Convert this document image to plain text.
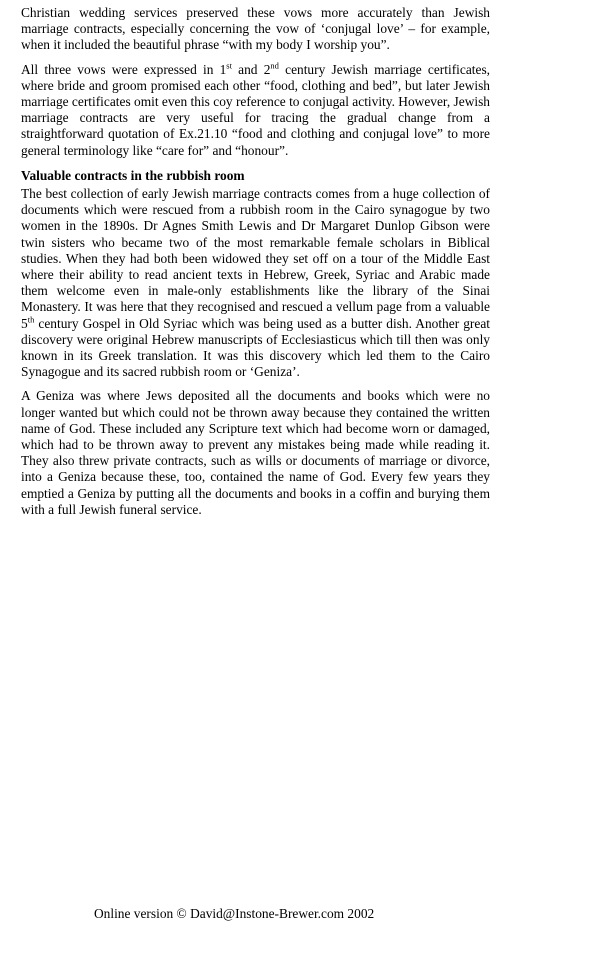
Christian wedding services preserved these vows more accurately than Jewish marriage contracts, especially concerning the vow of ‘conjugal love’ – for example, when it included the beautiful phrase “with my body I worship you”.

All three vows were expressed in 1st and 2nd century Jewish marriage certificates, where bride and groom promised each other “food, clothing and bed”, but later Jewish marriage certificates omit even this coy reference to conjugal activity. However, Jewish marriage contracts are very useful for tracing the gradual change from a straightforward quotation of Ex.21.10 “food and clothing and conjugal love” to more general terminology like “care for” and “honour”.

Valuable contracts in the rubbish room

The best collection of early Jewish marriage contracts comes from a huge collection of documents which were rescued from a rubbish room in the Cairo synagogue by two women in the 1890s. Dr Agnes Smith Lewis and Dr Margaret Dunlop Gibson were twin sisters who became two of the most remarkable female scholars in Biblical studies. When they had both been widowed they set off on a tour of the Middle East where their ability to read ancient texts in Hebrew, Greek, Syriac and Arabic made them welcome even in male-only establishments like the library of the Sinai Monastery. It was here that they recognised and rescued a vellum page from a valuable 5th century Gospel in Old Syriac which was being used as a butter dish. Another great discovery were original Hebrew manuscripts of Ecclesiasticus which till then was only known in its Greek translation. It was this discovery which led them to the Cairo Synagogue and its sacred rubbish room or ‘Geniza’.

A Geniza was where Jews deposited all the documents and books which were no longer wanted but which could not be thrown away because they contained the written name of God. These included any Scripture text which had become worn or damaged, which had to be thrown away to prevent any mistakes being made while reading it. They also threw private contracts, such as wills or documents of marriage or divorce, into a Geniza because these, too, contained the name of God. Every few years they emptied a Geniza by putting all the documents and books in a coffin and burying them with a full Jewish funeral service.

Online version © David@Instone-Brewer.com 2002
